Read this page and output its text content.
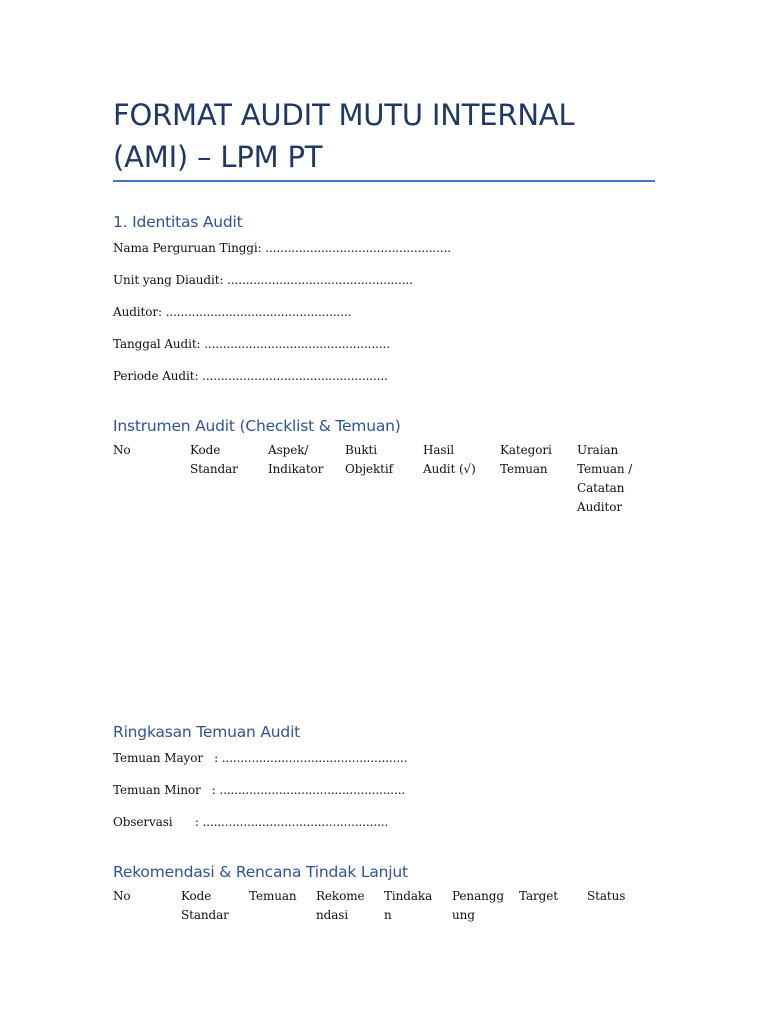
FORMAT AUDIT MUTU INTERNAL (AMI) – LPM PT
1. Identitas Audit
Nama Perguruan Tinggi: ..................................................
Unit yang Diaudit: ..................................................
Auditor: ..................................................
Tanggal Audit: ..................................................
Periode Audit: ..................................................
Instrumen Audit (Checklist & Temuan)
No	Kode
Standar
Aspek/
Indikator
Bukti
Objektif
Hasil
Audit (√)
Kategori
Temuan
Uraian
Temuan /
Catatan
Auditor
Ringkasan Temuan Audit
Temuan Mayor   : ..................................................
Temuan Minor   : ..................................................
Observasi      : ..................................................
Rekomendasi & Rencana Tindak Lanjut
No	Kode
Standar
Temuan Rekome
ndasi
Tindaka
n
Penangg
ung
Target Status
